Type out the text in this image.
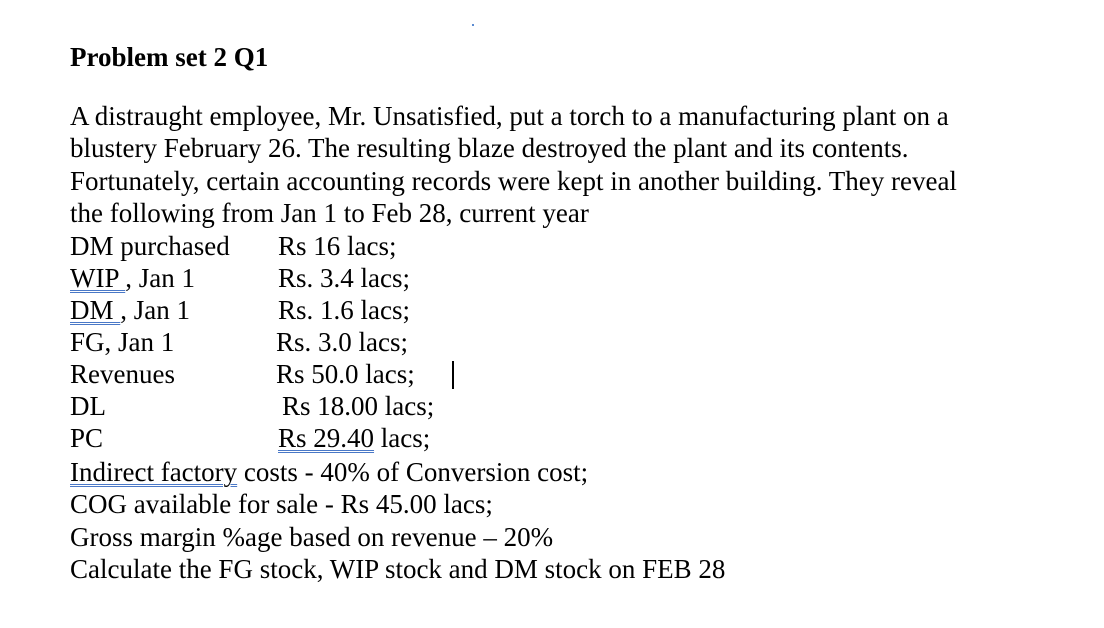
Problem set 2 Q1
A distraught employee, Mr. Unsatisfied, put a torch to a manufacturing plant on a
blustery February 26. The resulting blaze destroyed the plant and its contents.
Fortunately, certain accounting records were kept in another building. They reveal
the following from Jan 1 to Feb 28, current year
DM purchased Rs 16 lacs;
WIP , Jan 1	Rs. 3.4 lacs;
DM , Jan 1	Rs. 1.6 lacs;
FG, Jan 1	Rs. 3.0 lacs;
Revenues	Rs 50.0 lacs;
DL	Rs 18.00 lacs;
PC	Rs 29.40 lacs;
Indirect factory costs - 40% of Conversion cost;
COG available for sale - Rs 45.00 lacs;
Gross margin %age based on revenue – 20%
Calculate the FG stock, WIP stock and DM stock on FEB 28
